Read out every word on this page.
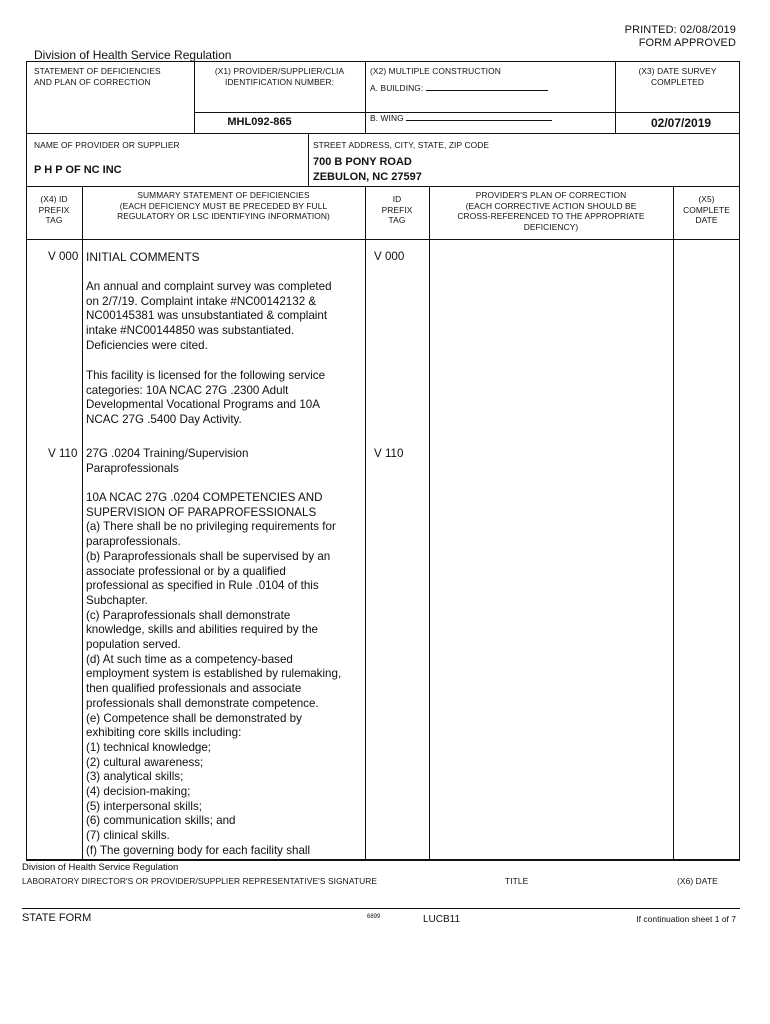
PRINTED: 02/08/2019
FORM APPROVED
Division of Health Service Regulation
STATEMENT OF DEFICIENCIES
AND PLAN OF CORRECTION
(X1) PROVIDER/SUPPLIER/CLIA
IDENTIFICATION NUMBER:
MHL092-865
(X2) MULTIPLE CONSTRUCTION
A. BUILDING:
B. WING
(X3) DATE SURVEY
COMPLETED
02/07/2019
NAME OF PROVIDER OR SUPPLIER
P H P OF NC INC
STREET ADDRESS, CITY, STATE, ZIP CODE
700 B PONY ROAD
ZEBULON, NC 27597
(X4) ID
PREFIX
TAG
SUMMARY STATEMENT OF DEFICIENCIES
(EACH DEFICIENCY MUST BE PRECEDED BY FULL
REGULATORY OR LSC IDENTIFYING INFORMATION)
ID
PREFIX
TAG
PROVIDER'S PLAN OF CORRECTION
(EACH CORRECTIVE ACTION SHOULD BE
CROSS-REFERENCED TO THE APPROPRIATE
DEFICIENCY)
(X5)
COMPLETE
DATE
V 000	V 000
INITIAL COMMENTS
An annual and complaint survey was completed
on 2/7/19. Complaint intake #NC00142132 &
NC00145381 was unsubstantiated & complaint
intake #NC00144850 was substantiated.
Deficiencies were cited.
This facility is licensed for the following service
categories: 10A NCAC 27G .2300 Adult
Developmental Vocational Programs and 10A
NCAC 27G .5400 Day Activity.
V 110	V 110
27G .0204 Training/Supervision
Paraprofessionals
10A NCAC 27G .0204 COMPETENCIES AND
SUPERVISION OF PARAPROFESSIONALS
(a) There shall be no privileging requirements for
paraprofessionals.
(b) Paraprofessionals shall be supervised by an
associate professional or by a qualified
professional as specified in Rule .0104 of this
Subchapter.
(c) Paraprofessionals shall demonstrate
knowledge, skills and abilities required by the
population served.
(d) At such time as a competency-based
employment system is established by rulemaking,
then qualified professionals and associate
professionals shall demonstrate competence.
(e) Competence shall be demonstrated by
exhibiting core skills including:
(1) technical knowledge;
(2) cultural awareness;
(3) analytical skills;
(4) decision-making;
(5) interpersonal skills;
(6) communication skills; and
(7) clinical skills.
(f) The governing body for each facility shall
Division of Health Service Regulation
LABORATORY DIRECTOR'S OR PROVIDER/SUPPLIER REPRESENTATIVE'S SIGNATURE	TITLE	(X6) DATE
STATE FORM	6899	LUCB11	If continuation sheet 1 of 7
